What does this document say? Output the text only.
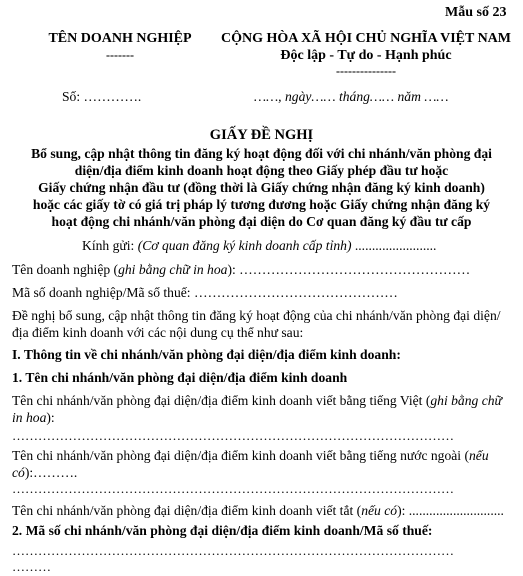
Mẫu số 23
TÊN DOANH NGHIỆP
-------
CỘNG HÒA XÃ HỘI CHỦ NGHĨA VIỆT NAM
Độc lập - Tự do - Hạnh phúc
---------------
Số: ………….	……, ngày…… tháng…… năm ……
GIẤY ĐỀ NGHỊ
Bổ sung, cập nhật thông tin đăng ký hoạt động đối với chi nhánh/văn phòng đại
diện/địa điểm kinh doanh hoạt động theo Giấy phép đầu tư hoặc
Giấy chứng nhận đầu tư (đồng thời là Giấy chứng nhận đăng ký kinh doanh)
hoặc các giấy tờ có giá trị pháp lý tương đương hoặc Giấy chứng nhận đăng ký
hoạt động chi nhánh/văn phòng đại diện do Cơ quan đăng ký đầu tư cấp
Kính gửi: (Cơ quan đăng ký kinh doanh cấp tỉnh) ........................
Tên doanh nghiệp (ghi bằng chữ in hoa): ……………………………………………
Mã số doanh nghiệp/Mã số thuế: ………………………………………
Đề nghị bổ sung, cập nhật thông tin đăng ký hoạt động của chi nhánh/văn phòng đại diện/địa điểm kinh doanh với các nội dung cụ thể như sau:
I. Thông tin về chi nhánh/văn phòng đại diện/địa điểm kinh doanh:
1. Tên chi nhánh/văn phòng đại diện/địa điểm kinh doanh
Tên chi nhánh/văn phòng đại diện/địa điểm kinh doanh viết bằng tiếng Việt (ghi bằng chữ in hoa):
…………………………………………………………………………………………
Tên chi nhánh/văn phòng đại diện/địa điểm kinh doanh viết bằng tiếng nước ngoài (nếu có):……….
…………………………………………………………………………………………
Tên chi nhánh/văn phòng đại diện/địa điểm kinh doanh viết tắt (nếu có): ............................
2. Mã số chi nhánh/văn phòng đại diện/địa điểm kinh doanh/Mã số thuế:
…………………………………………………………………………………………
………
